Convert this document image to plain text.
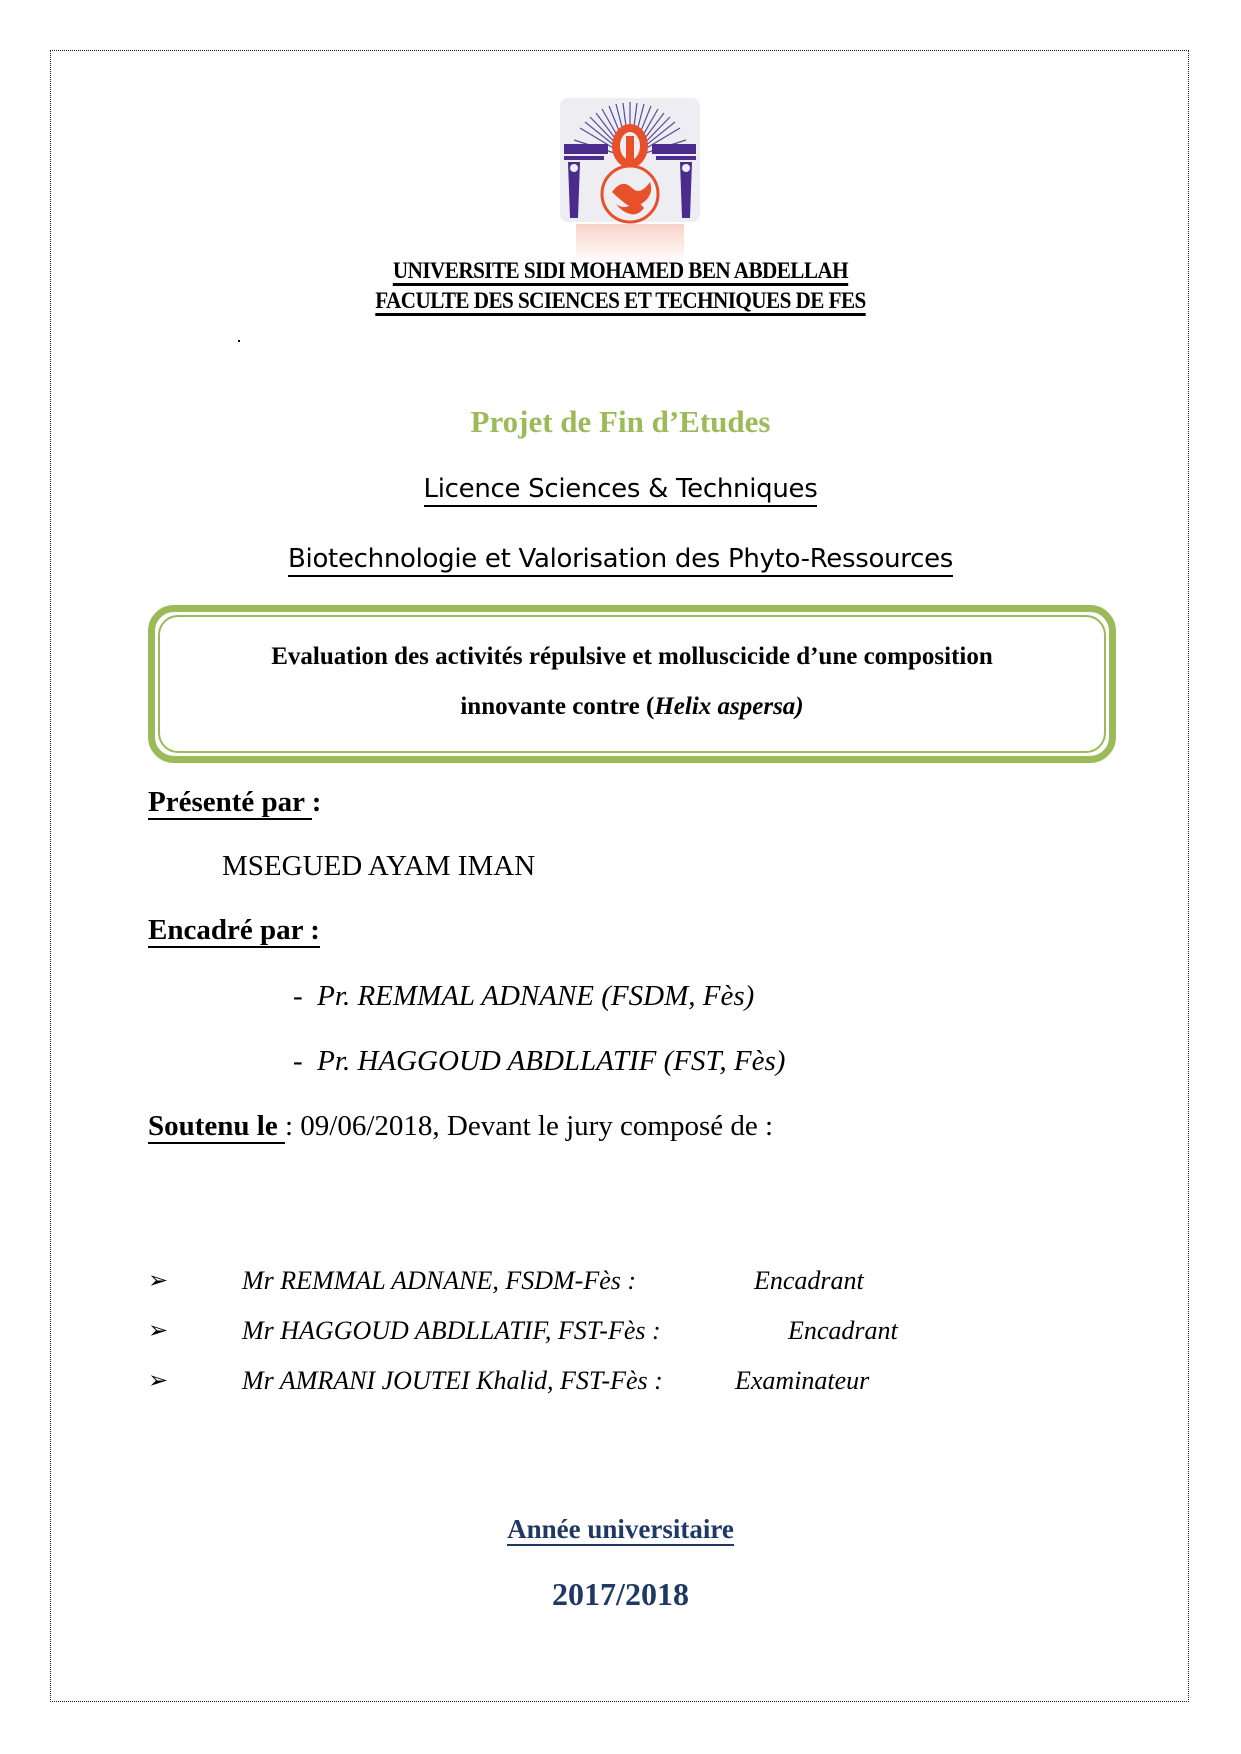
UNIVERSITE SIDI MOHAMED BEN ABDELLAH
FACULTE DES SCIENCES ET TECHNIQUES DE FES
Projet de Fin d’Etudes
Licence Sciences & Techniques
Biotechnologie et Valorisation des Phyto-Ressources
Evaluation des activités répulsive et molluscicide d’une composition
innovante contre (Helix aspersa)
Présenté par :
MSEGUED AYAM IMAN
Encadré par :
- Pr. REMMAL ADNANE (FSDM, Fès)
- Pr. HAGGOUD ABDLLATIF (FST, Fès)
Soutenu le : 09/06/2018, Devant le jury composé de :
➢	Mr REMMAL ADNANE, FSDM-Fès :	Encadrant
➢	Mr HAGGOUD ABDLLATIF, FST-Fès :	Encadrant
➢	Mr AMRANI JOUTEI Khalid, FST-Fès :	Examinateur
Année universitaire
2017/2018
